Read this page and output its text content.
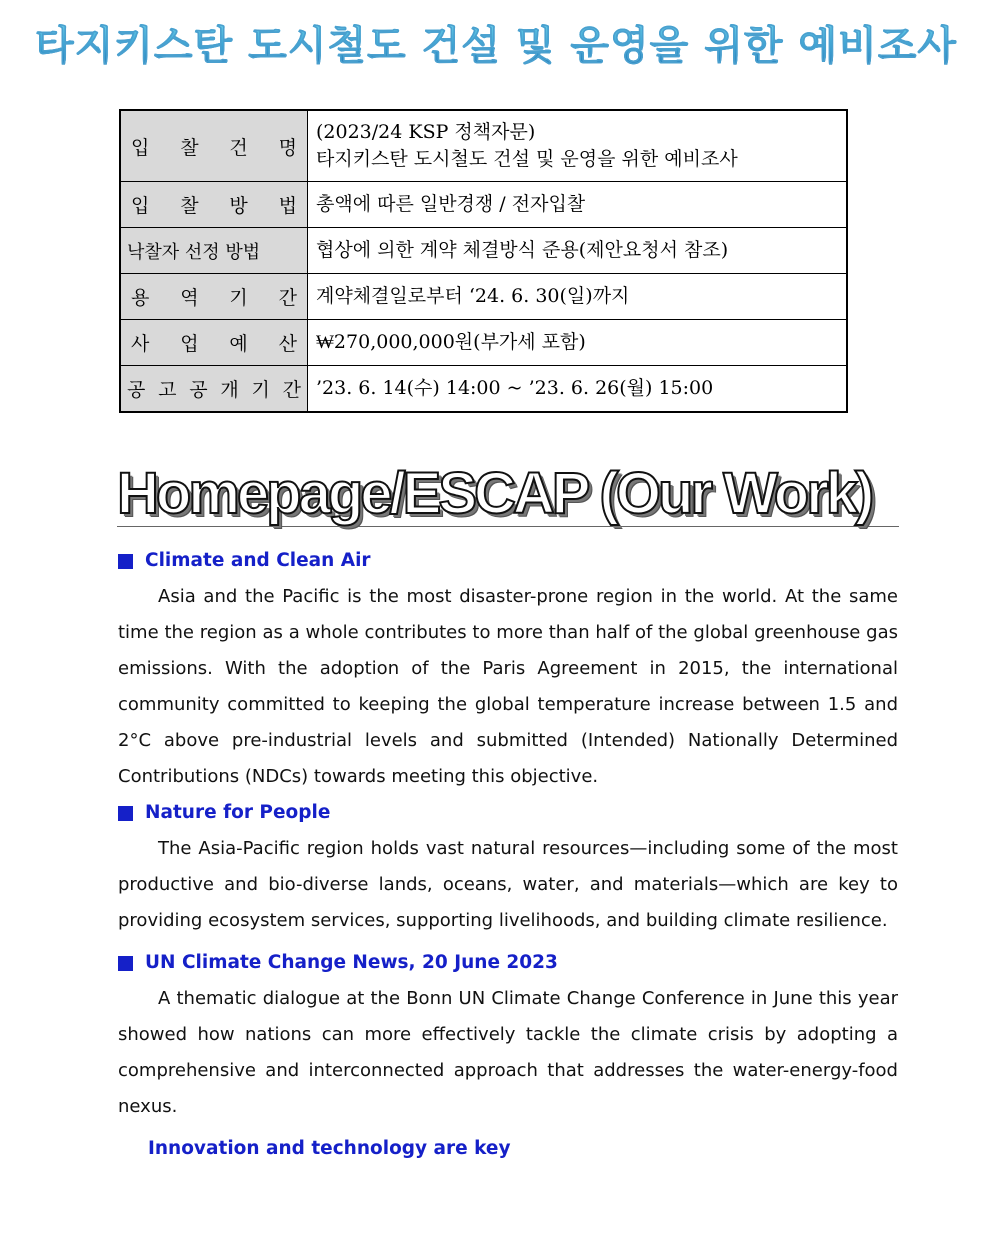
타지키스탄 도시철도 건설 및 운영을 위한 예비조사
입 찰 건 명	(2023/24 KSP 정책자문)
타지키스탄 도시철도 건설 및 운영을 위한 예비조사

입 찰 방 법	총액에 따른 일반경쟁 / 전자입찰
낙찰자 선정 방법	협상에 의한 계약 체결방식 준용(제안요청서 참조)
용 역 기 간	계약체결일로부터 ‘24. 6. 30(일)까지
사 업 예 산	₩270,000,000원(부가세 포함)
공 고 공 개 기 간	’23. 6. 14(수) 14:00 ~ ’23. 6. 26(월) 15:00
Homepage/ESCAP (Our Work)
Climate and Clean Air

Asia and the Pacific is the most disaster-prone region in the world. At the same time the region as a whole contributes to more than half of the global greenhouse gas emissions. With the adoption of the Paris Agreement in 2015, the international community committed to keeping the global temperature increase between 1.5 and 2°C above pre-industrial levels and submitted (Intended) Nationally Determined Contributions (NDCs) towards meeting this objective.

Nature for People

The Asia-Pacific region holds vast natural resources—including some of the most productive and bio-diverse lands, oceans, water, and materials—which are key to providing ecosystem services, supporting livelihoods, and building climate resilience.

UN Climate Change News, 20 June 2023

A thematic dialogue at the Bonn UN Climate Change Conference in June this year showed how nations can more effectively tackle the climate crisis by adopting a comprehensive and interconnected approach that addresses the water-energy-food nexus.

Innovation and technology are key
